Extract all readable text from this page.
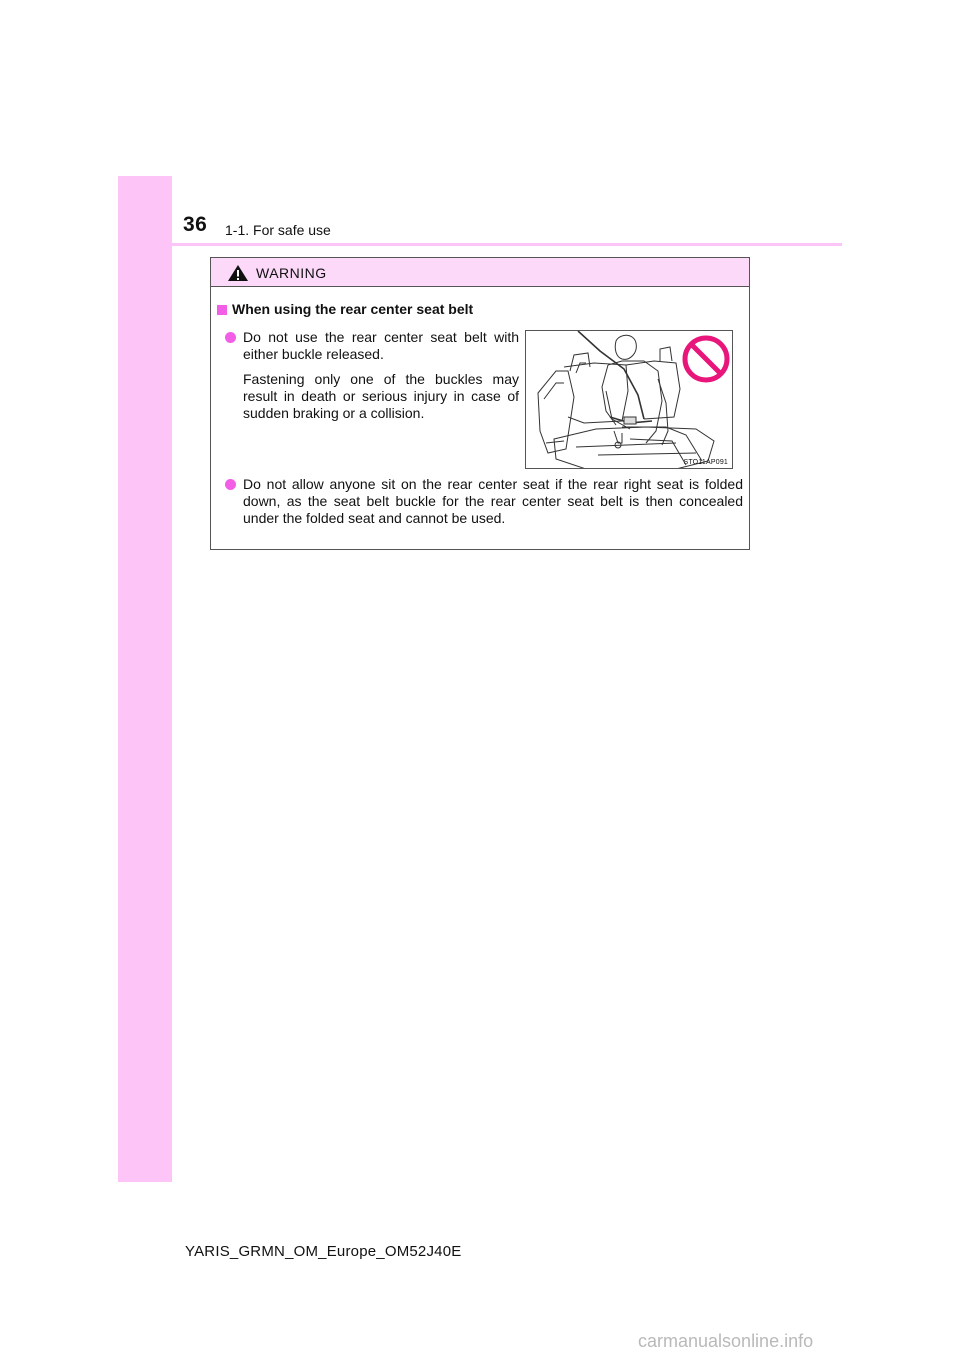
36 1-1. For safe use
WARNING
When using the rear center seat belt

Do not use the rear center seat belt with either buckle released.

Fastening only one of the buckles may result in death or serious injury in case of sudden braking or a collision.

STO11AP091

Do not allow anyone sit on the rear center seat if the rear right seat is folded down, as the seat belt buckle for the rear center seat belt is then concealed under the folded seat and cannot be used.

YARIS_GRMN_OM_Europe_OM52J40E
carmanualsonline.info
